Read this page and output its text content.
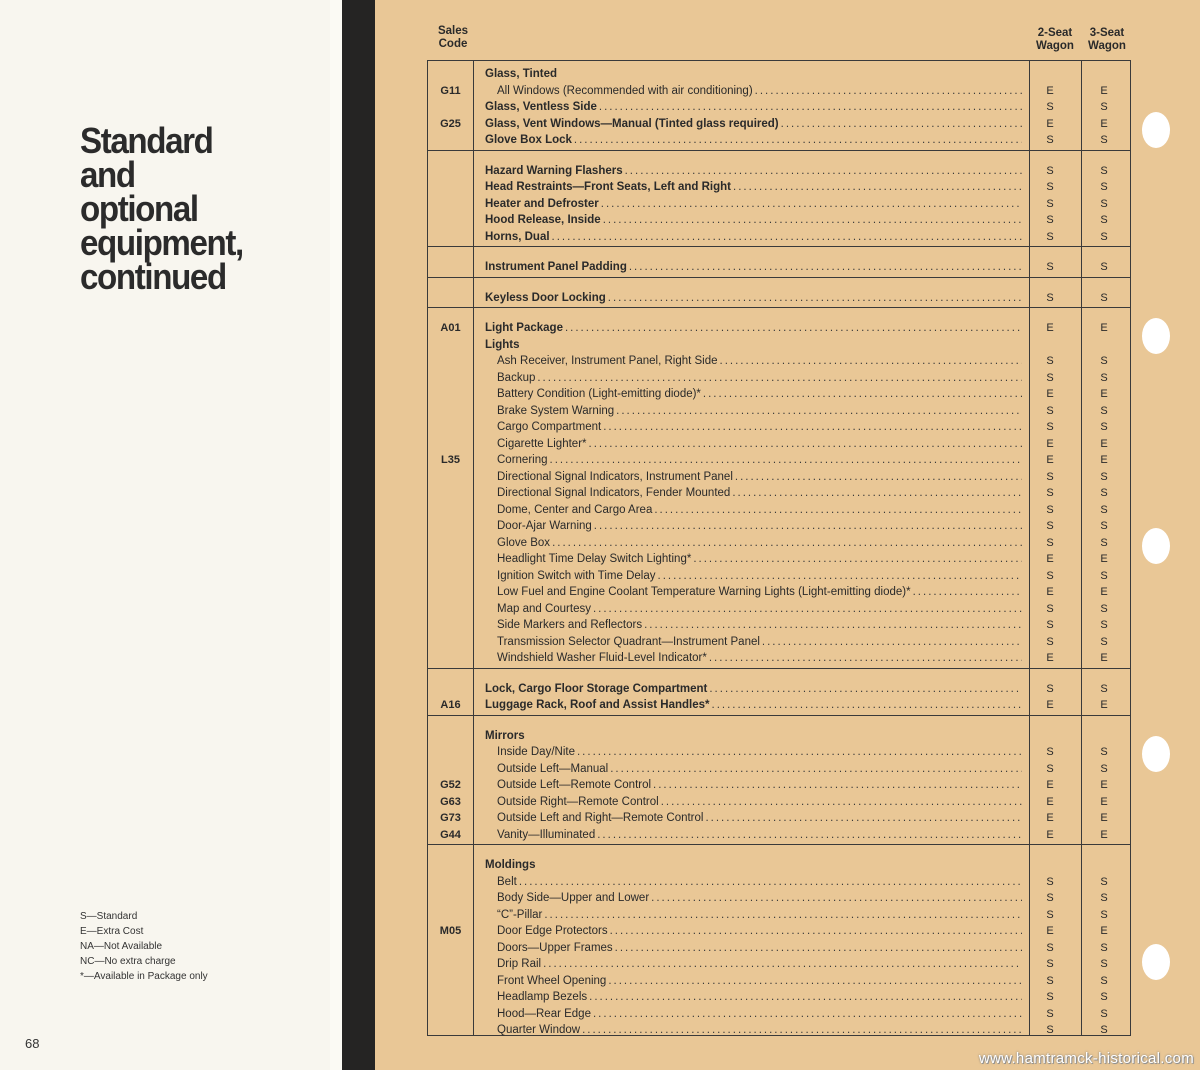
Standard
and
optional
equipment,
continued
S—Standard
E—Extra Cost
NA—Not Available
NC—No extra charge
*—Available in Package only
68
Sales
Code
2-Seat
Wagon
3-Seat
Wagon
Glass, Tinted
G11	All Windows (Recommended with air conditioning) .....	E	E
Glass, Ventless Side .....	S	S
G25	Glass, Vent Windows—Manual (Tinted glass required) .....	E	E
Glove Box Lock .....	S	S
Hazard Warning Flashers .....	S	S
Head Restraints—Front Seats, Left and Right .....	S	S
Heater and Defroster .....	S	S
Hood Release, Inside .....	S	S
Horns, Dual .....	S	S
Instrument Panel Padding .....	S	S
Keyless Door Locking .....	S	S
A01	Light Package .....	E	E
Lights
Ash Receiver, Instrument Panel, Right Side .....	S	S
Backup .....	S	S
Battery Condition (Light-emitting diode)* .....	E	E
Brake System Warning .....	S	S
Cargo Compartment .....	S	S
Cigarette Lighter* .....	E	E
L35	Cornering .....	E	E
Directional Signal Indicators, Instrument Panel .....	S	S
Directional Signal Indicators, Fender Mounted .....	S	S
Dome, Center and Cargo Area .....	S	S
Door-Ajar Warning .....	S	S
Glove Box .....	S	S
Headlight Time Delay Switch Lighting* .....	E	E
Ignition Switch with Time Delay .....	S	S
Low Fuel and Engine Coolant Temperature Warning Lights (Light-emitting diode)* .....	E	E
Map and Courtesy .....	S	S
Side Markers and Reflectors .....	S	S
Transmission Selector Quadrant—Instrument Panel .....	S	S
Windshield Washer Fluid-Level Indicator* .....	E	E
Lock, Cargo Floor Storage Compartment .....	S	S
A16	Luggage Rack, Roof and Assist Handles* .....	E	E
Mirrors
Inside Day/Nite .....	S	S
Outside Left—Manual .....	S	S
G52	Outside Left—Remote Control .....	E	E
G63	Outside Right—Remote Control .....	E	E
G73	Outside Left and Right—Remote Control .....	E	E
G44	Vanity—Illuminated .....	E	E
Moldings
Belt .....	S	S
Body Side—Upper and Lower .....	S	S
“C”-Pillar .....	S	S
M05	Door Edge Protectors .....	E	E
Doors—Upper Frames .....	S	S
Drip Rail .....	S	S
Front Wheel Opening .....	S	S
Headlamp Bezels .....	S	S
Hood—Rear Edge .....	S	S
Quarter Window .....	S	S
www.hamtramck-historical.com
